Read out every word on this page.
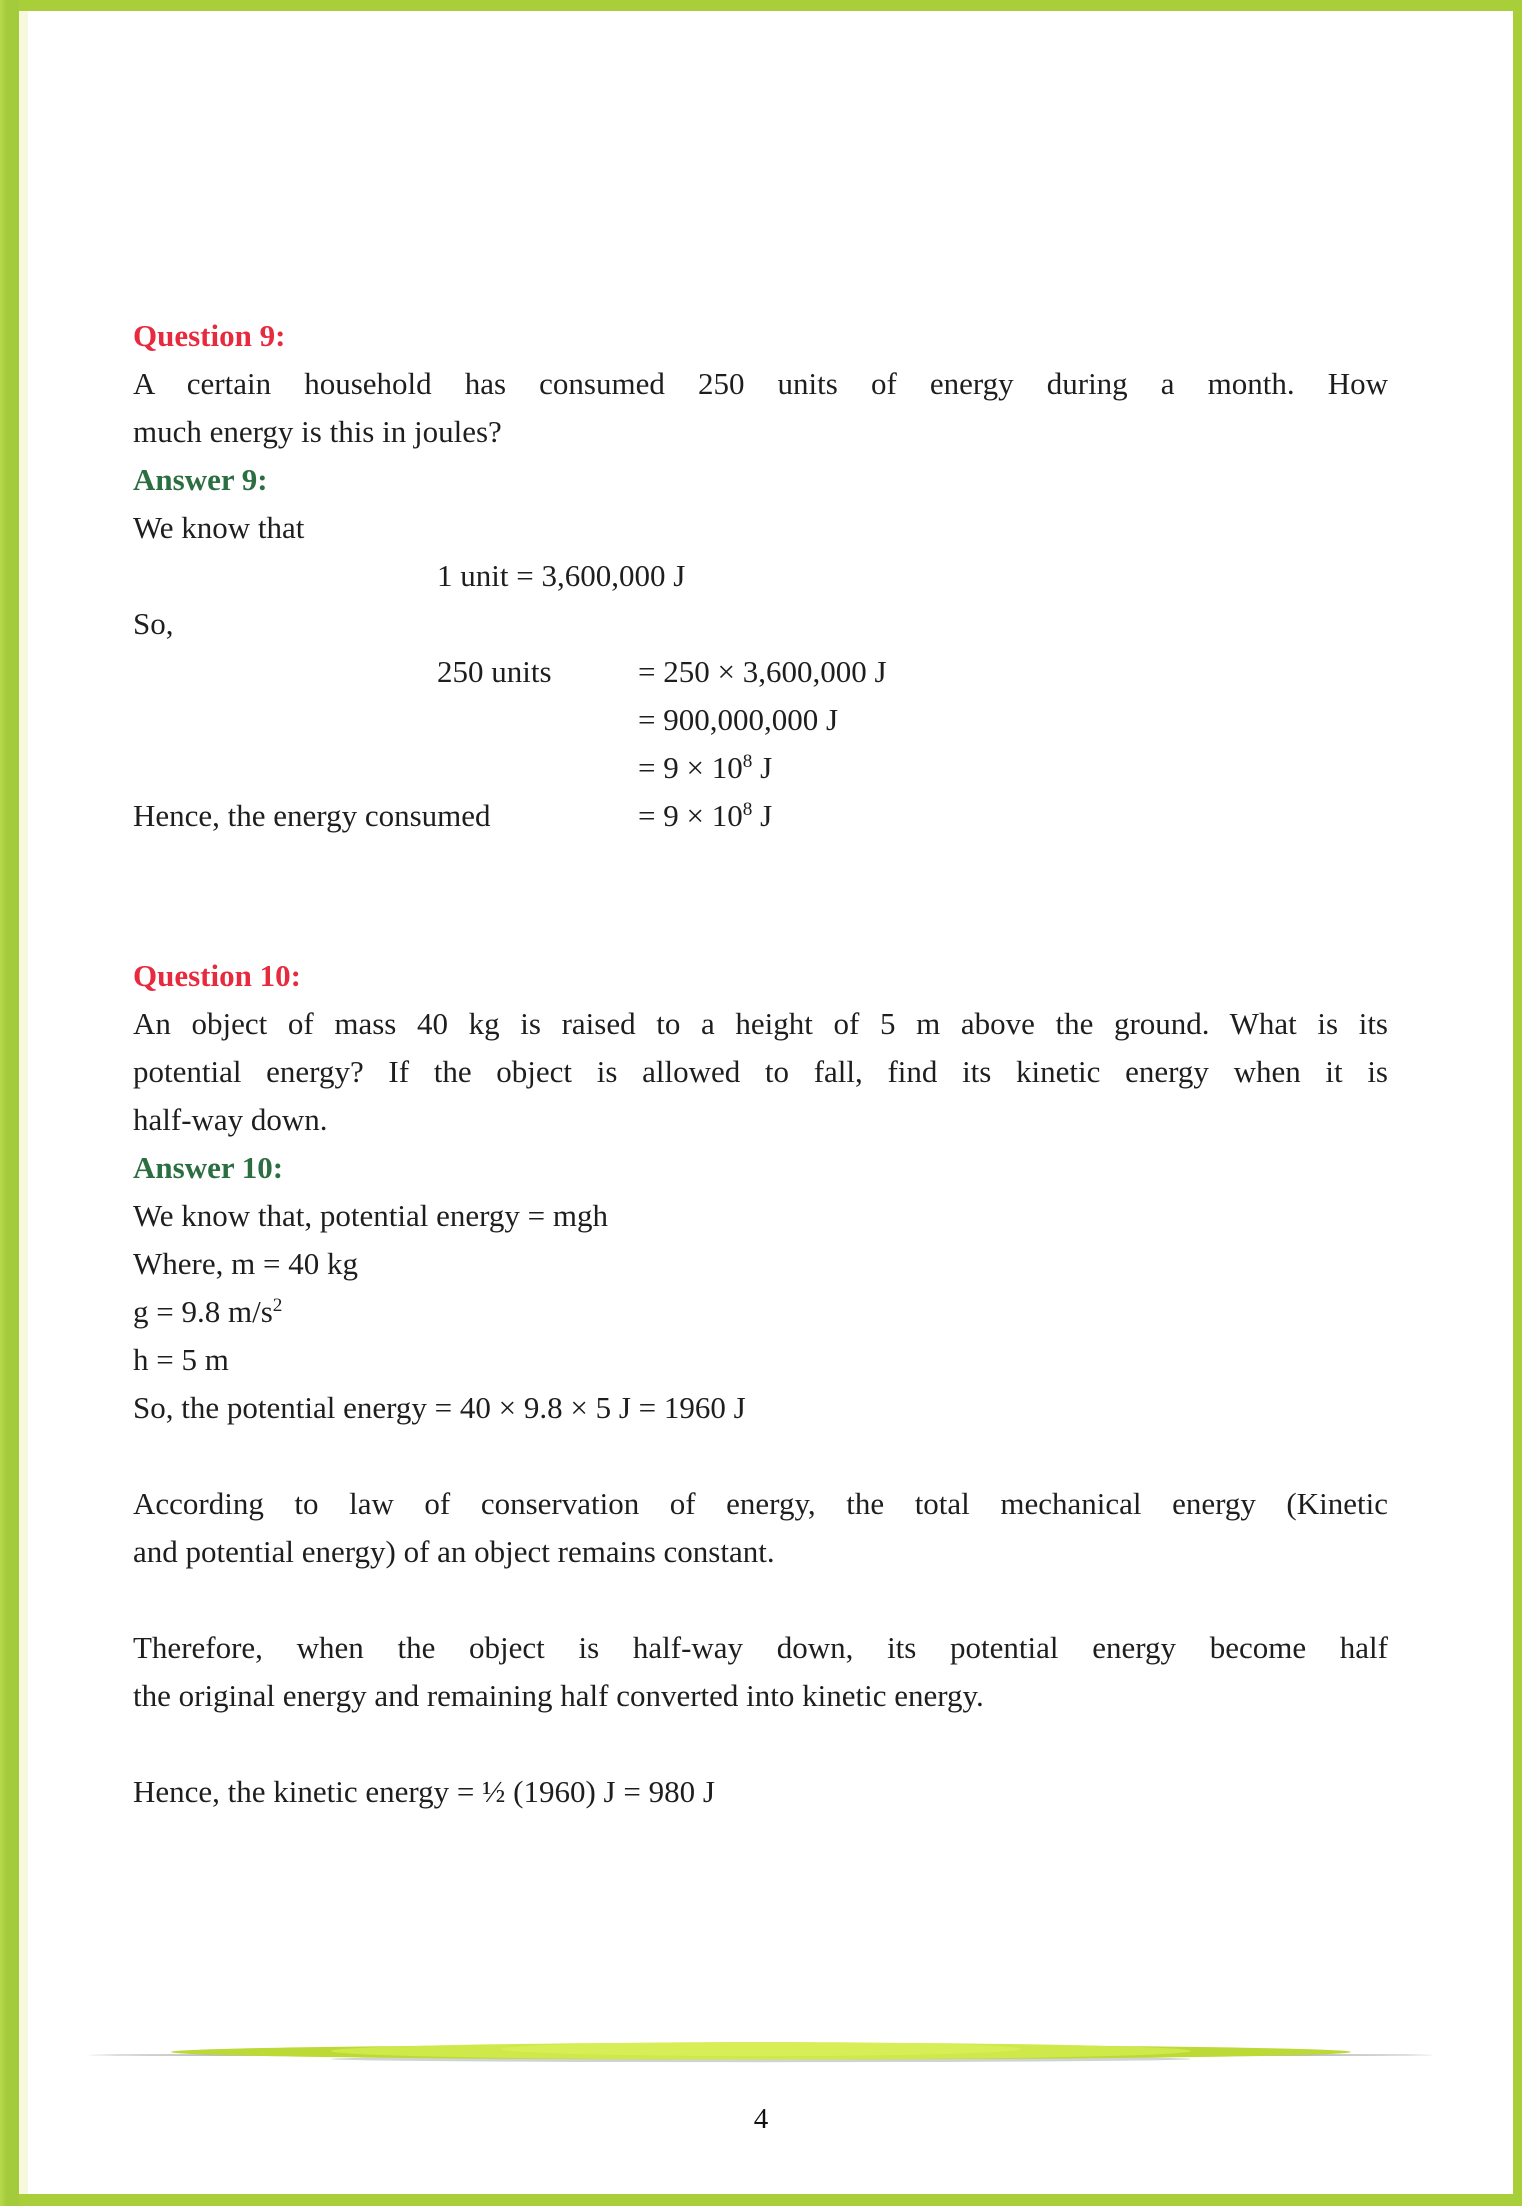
Question 9:
A certain household has consumed 250 units of energy during a month. How
much energy is this in joules?
Answer 9:
We know that
1 unit = 3,600,000 J
So,
250 units	= 250 × 3,600,000 J
= 900,000,000 J
= $9 \times 10^8$ J
Hence, the energy consumed	= $9 \times 10^8$ J
Question 10:
An object of mass 40 kg is raised to a height of 5 m above the ground. What is its
potential energy? If the object is allowed to fall, find its kinetic energy when it is
half-way down.
Answer 10:
We know that, potential energy = mgh
Where, m = 40 kg
g = 9.8 $m/s^2$
h = 5 m
So, the potential energy = 40 × 9.8 × 5 J = 1960 J
According to law of conservation of energy, the total mechanical energy (Kinetic
and potential energy) of an object remains constant.
Therefore, when the object is half-way down, its potential energy become half
the original energy and remaining half converted into kinetic energy.
Hence, the kinetic energy = ½ (1960) J = 980 J
4
